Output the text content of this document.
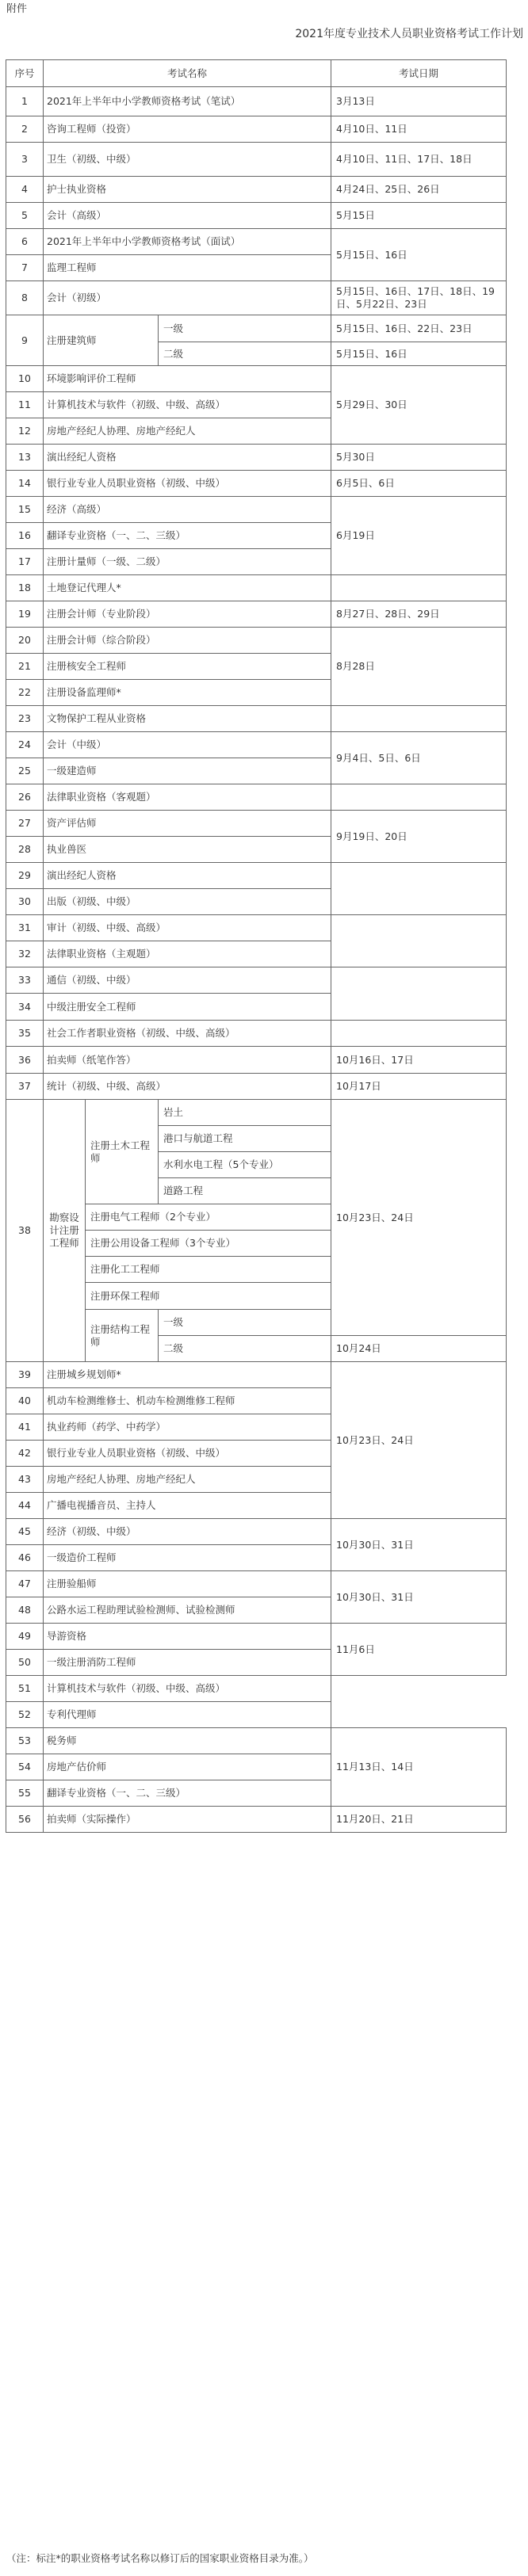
附件
2021年度专业技术人员职业资格考试工作计划
序号	考试名称			考试日期
1	2021年上半年中小学教师资格考试（笔试）			3月13日
2	咨询工程师（投资）			4月10日、11日
3	卫生（初级、中级）			4月10日、11日、17日、18日
4	护士执业资格			4月24日、25日、26日
5	会计（高级）			5月15日
6	2021年上半年中小学教师资格考试（面试）			5月15日、16日
7	监理工程师			
8	会计（初级）			5月15日、16日、17日、18日、19日、5月22日、23日
9	注册建筑师		一级	5月15日、16日、22日、23日
			二级	5月15日、16日
10	环境影响评价工程师			5月29日、30日
11	计算机技术与软件（初级、中级、高级）			
12	房地产经纪人协理、房地产经纪人			
13	演出经纪人资格			5月30日
14	银行业专业人员职业资格（初级、中级）			6月5日、6日
15	经济（高级）			6月19日
16	翻译专业资格（一、二、三级）			
17	注册计量师（一级、二级）			
18	土地登记代理人*			
19	注册会计师（专业阶段）			8月27日、28日、29日
20	注册会计师（综合阶段）			8月28日
21	注册核安全工程师			
22	注册设备监理师*			
23	文物保护工程从业资格			
24	会计（中级）			9月4日、5日、6日
25	一级建造师			
26	法律职业资格（客观题）			
27	资产评估师			9月19日、20日
28	执业兽医			
29	演出经纪人资格			
30	出版（初级、中级）			
31	审计（初级、中级、高级）			
32	法律职业资格（主观题）			
33	通信（初级、中级）			
34	中级注册安全工程师			
35	社会工作者职业资格（初级、中级、高级）			
36	拍卖师（纸笔作答）			10月16日、17日
37	统计（初级、中级、高级）			10月17日
38	勘察设计注册工程师	注册土木工程师	岩土	10月23日、24日
			港口与航道工程	
			水利水电工程（5个专业）	
			道路工程	
		注册电气工程师（2个专业）		
		注册公用设备工程师（3个专业）		
		注册化工工程师		
		注册环保工程师		
		注册结构工程师	一级	
			二级	10月24日
39	注册城乡规划师*			10月23日、24日
40	机动车检测维修士、机动车检测维修工程师			
41	执业药师（药学、中药学）			
42	银行业专业人员职业资格（初级、中级）			
43	房地产经纪人协理、房地产经纪人			
44	广播电视播音员、主持人			
45	经济（初级、中级）			10月30日、31日
46	一级造价工程师			
47	注册验船师			10月30日、31日
48	公路水运工程助理试验检测师、试验检测师			
49	导游资格			11月6日
50	一级注册消防工程师			
51	计算机技术与软件（初级、中级、高级）			
52	专利代理师			
53	税务师			11月13日、14日
54	房地产估价师			
55	翻译专业资格（一、二、三级）			
56	拍卖师（实际操作）			11月20日、21日
（注：标注*的职业资格考试名称以修订后的国家职业资格目录为准。）
